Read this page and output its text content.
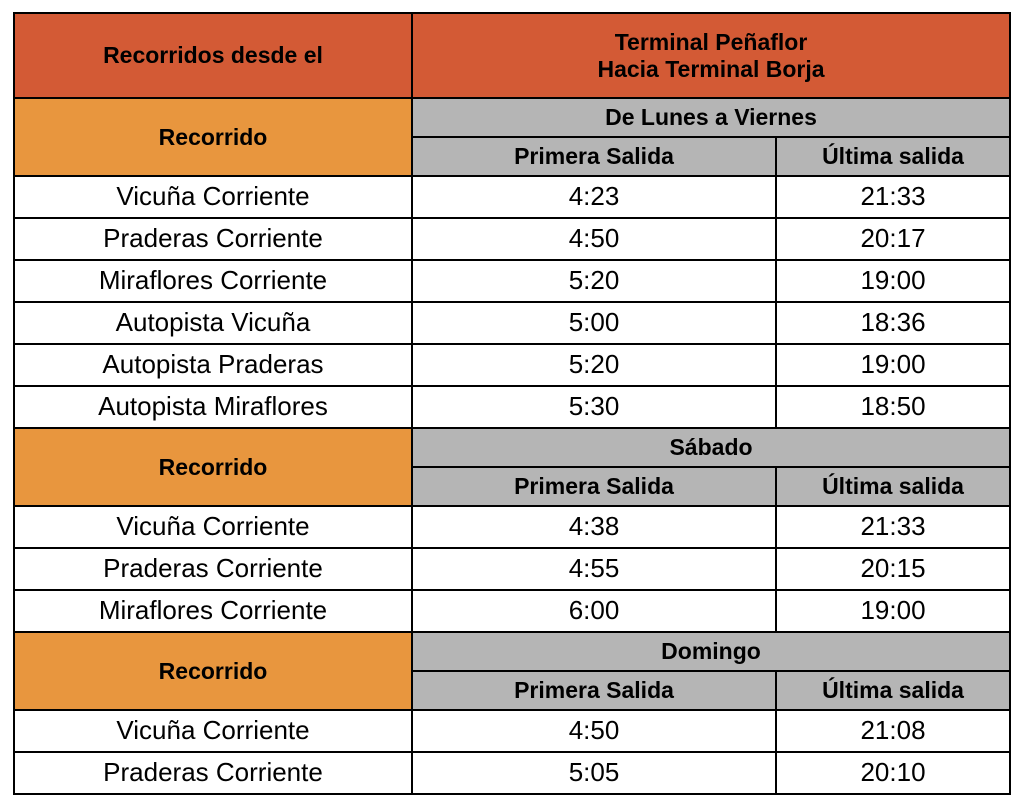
Recorridos desde el	Terminal Peñaflor
Hacia Terminal Borja	

Recorrido	De Lunes a Viernes	
	Primera Salida	Última salida
Vicuña Corriente	4:23	21:33
Praderas Corriente	4:50	20:17
Miraflores Corriente	5:20	19:00
Autopista Vicuña	5:00	18:36
Autopista Praderas	5:20	19:00
Autopista Miraflores	5:30	18:50
Recorrido	Sábado	
	Primera Salida	Última salida
Vicuña Corriente	4:38	21:33
Praderas Corriente	4:55	20:15
Miraflores Corriente	6:00	19:00
Recorrido	Domingo	
	Primera Salida	Última salida
Vicuña Corriente	4:50	21:08
Praderas Corriente	5:05	20:10
